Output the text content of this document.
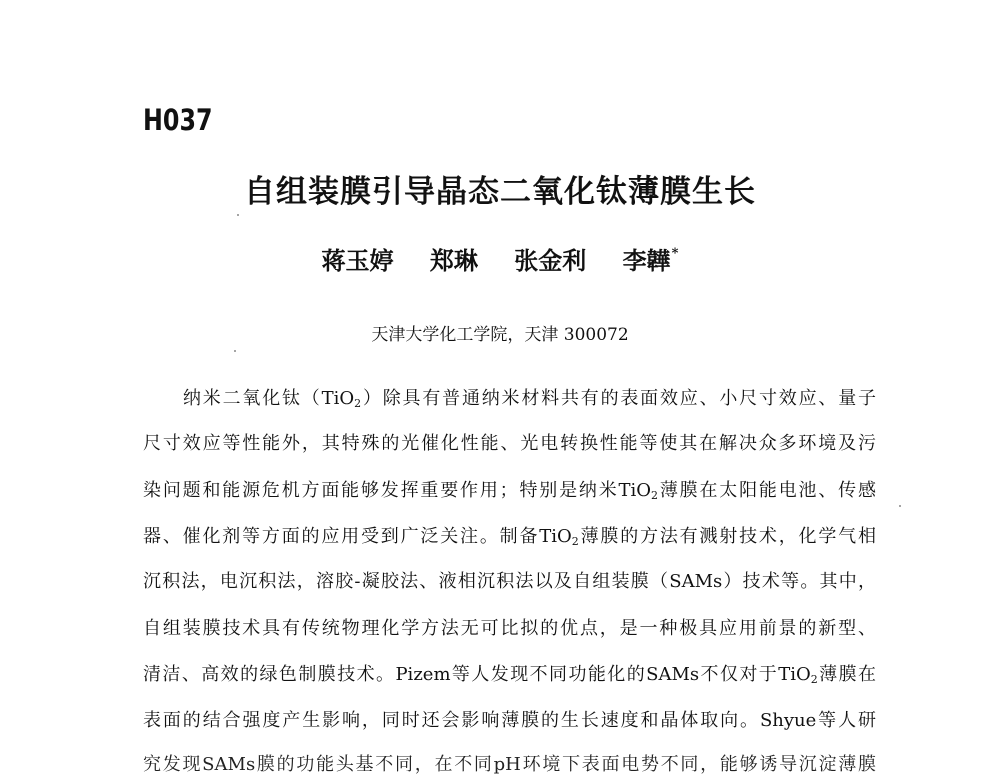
H037
自组装膜引导晶态二氧化钛薄膜生长
蒋玉婷 郑琳 张金利 李韡*
天津大学化工学院，天津 300072
纳米二氧化钛（TiO$_2$）除具有普通纳米材料共有的表面效应、小尺寸效应、量子
尺寸效应等性能外，其特殊的光催化性能、光电转换性能等使其在解决众多环境及污
染问题和能源危机方面能够发挥重要作用；特别是纳米TiO$_2$薄膜在太阳能电池、传感
器、催化剂等方面的应用受到广泛关注。制备TiO$_2$薄膜的方法有溅射技术，化学气相
沉积法，电沉积法，溶胶-凝胶法、液相沉积法以及自组装膜（SAMs）技术等。其中，
自组装膜技术具有传统物理化学方法无可比拟的优点，是一种极具应用前景的新型、
清洁、高效的绿色制膜技术。Pizem等人发现不同功能化的SAMs不仅对于TiO$_2$薄膜在
表面的结合强度产生影响，同时还会影响薄膜的生长速度和晶体取向。Shyue等人研
究发现SAMs膜的功能头基不同，在不同pH环境下表面电势不同，能够诱导沉淀薄膜
